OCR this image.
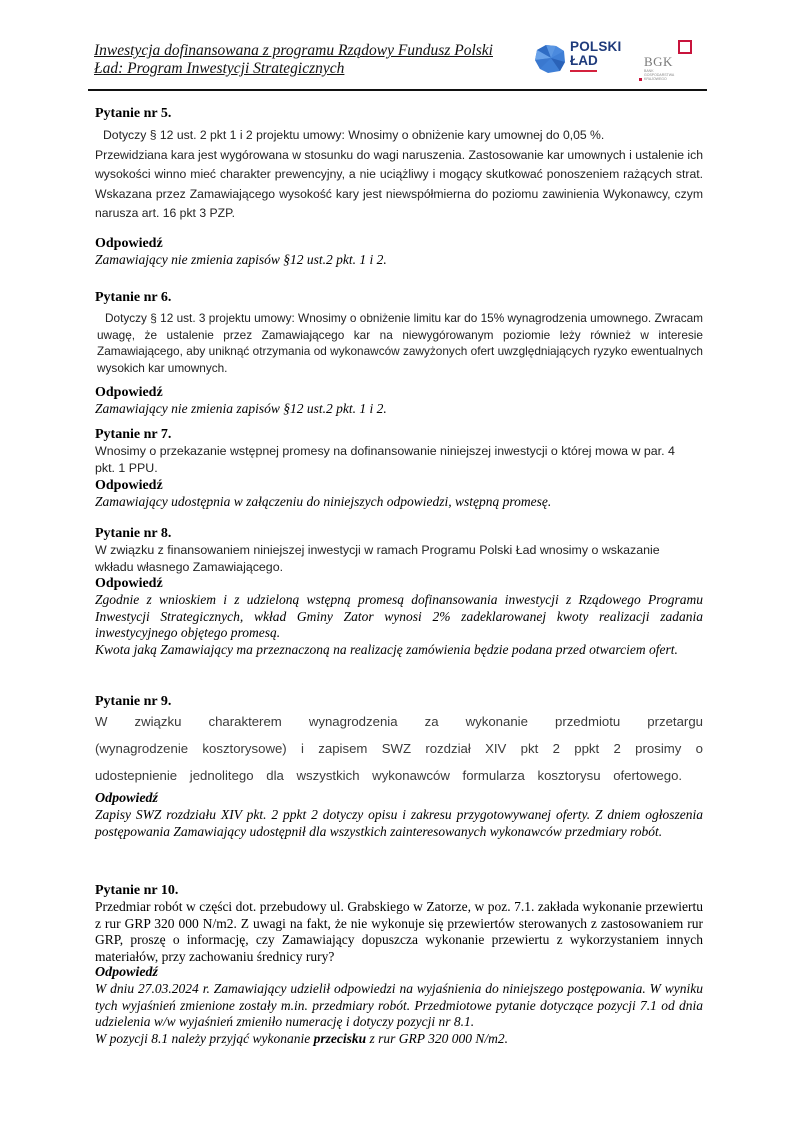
Inwestycja dofinansowana z programu Rządowy Fundusz Polski
Ład: Program Inwestycji Strategicznych
POLSKI
ŁAD	BGK
BANK GOSPODARSTWA KRAJOWEGO
Pytanie nr 5.

Dotyczy § 12 ust. 2 pkt 1 i 2 projektu umowy: Wnosimy o obniżenie kary umownej do 0,05 %.

Przewidziana kara jest wygórowana w stosunku do wagi naruszenia. Zastosowanie kar umownych i ustalenie ich wysokości winno mieć charakter prewencyjny, a nie uciążliwy i mogący skutkować ponoszeniem rażących strat. Wskazana przez Zamawiającego wysokość kary jest niewspółmierna do poziomu zawinienia Wykonawcy, czym narusza art. 16 pkt 3 PZP.

Odpowiedź

Zamawiający nie zmienia zapisów §12 ust.2 pkt. 1 i 2.

Pytanie nr 6.

Dotyczy § 12 ust. 3 projektu umowy: Wnosimy o obniżenie limitu kar do 15% wynagrodzenia umownego. Zwracam uwagę, że ustalenie przez Zamawiającego kar na niewygórowanym poziomie leży również w interesie Zamawiającego, aby uniknąć otrzymania od wykonawców zawyżonych ofert uwzględniających ryzyko ewentualnych wysokich kar umownych.

Odpowiedź

Zamawiający nie zmienia zapisów §12 ust.2 pkt. 1 i 2.

Pytanie nr 7.

Wnosimy o przekazanie wstępnej promesy na dofinansowanie niniejszej inwestycji o której mowa w par. 4 pkt. 1 PPU.

Odpowiedź

Zamawiający udostępnia w załączeniu do niniejszych odpowiedzi, wstępną promesę.

Pytanie nr 8.

W związku z finansowaniem niniejszej inwestycji w ramach Programu Polski Ład wnosimy o wskazanie wkładu własnego Zamawiającego.

Odpowiedź

Zgodnie z wnioskiem i z udzieloną wstępną promesą dofinansowania inwestycji z Rządowego Programu Inwestycji Strategicznych, wkład Gminy Zator wynosi 2% zadeklarowanej kwoty realizacji zadania inwestycyjnego objętego promesą.

Kwota jaką Zamawiający ma przeznaczoną na realizację zamówienia będzie podana przed otwarciem ofert.

Pytanie nr 9.

W związku charakterem wynagrodzenia za wykonanie przedmiotu przetargu (wynagrodzenie kosztorysowe) i zapisem SWZ rozdział XIV pkt 2 ppkt 2 prosimy o udostepnienie jednolitego dla wszystkich wykonawców formularza kosztorysu ofertowego.

Odpowiedź

Zapisy SWZ rozdziału XIV pkt. 2 ppkt 2 dotyczy opisu i zakresu przygotowywanej oferty. Z dniem ogłoszenia postępowania Zamawiający udostępnił dla wszystkich zainteresowanych wykonawców przedmiary robót.

Pytanie nr 10.

Przedmiar robót w części dot. przebudowy ul. Grabskiego w Zatorze, w poz. 7.1. zakłada wykonanie przewiertu z rur GRP 320 000 N/m2. Z uwagi na fakt, że nie wykonuje się przewiertów sterowanych z zastosowaniem rur GRP, proszę o informację, czy Zamawiający dopuszcza wykonanie przewiertu z wykorzystaniem innych materiałów, przy zachowaniu średnicy rury?

Odpowiedź

W dniu 27.03.2024 r. Zamawiający udzielił odpowiedzi na wyjaśnienia do niniejszego postępowania. W wyniku tych wyjaśnień zmienione zostały m.in. przedmiary robót. Przedmiotowe pytanie dotyczące pozycji 7.1 od dnia udzielenia w/w wyjaśnień zmieniło numerację i dotyczy pozycji nr 8.1.

W pozycji 8.1 należy przyjąć wykonanie przecisku z rur GRP 320 000 N/m2.
